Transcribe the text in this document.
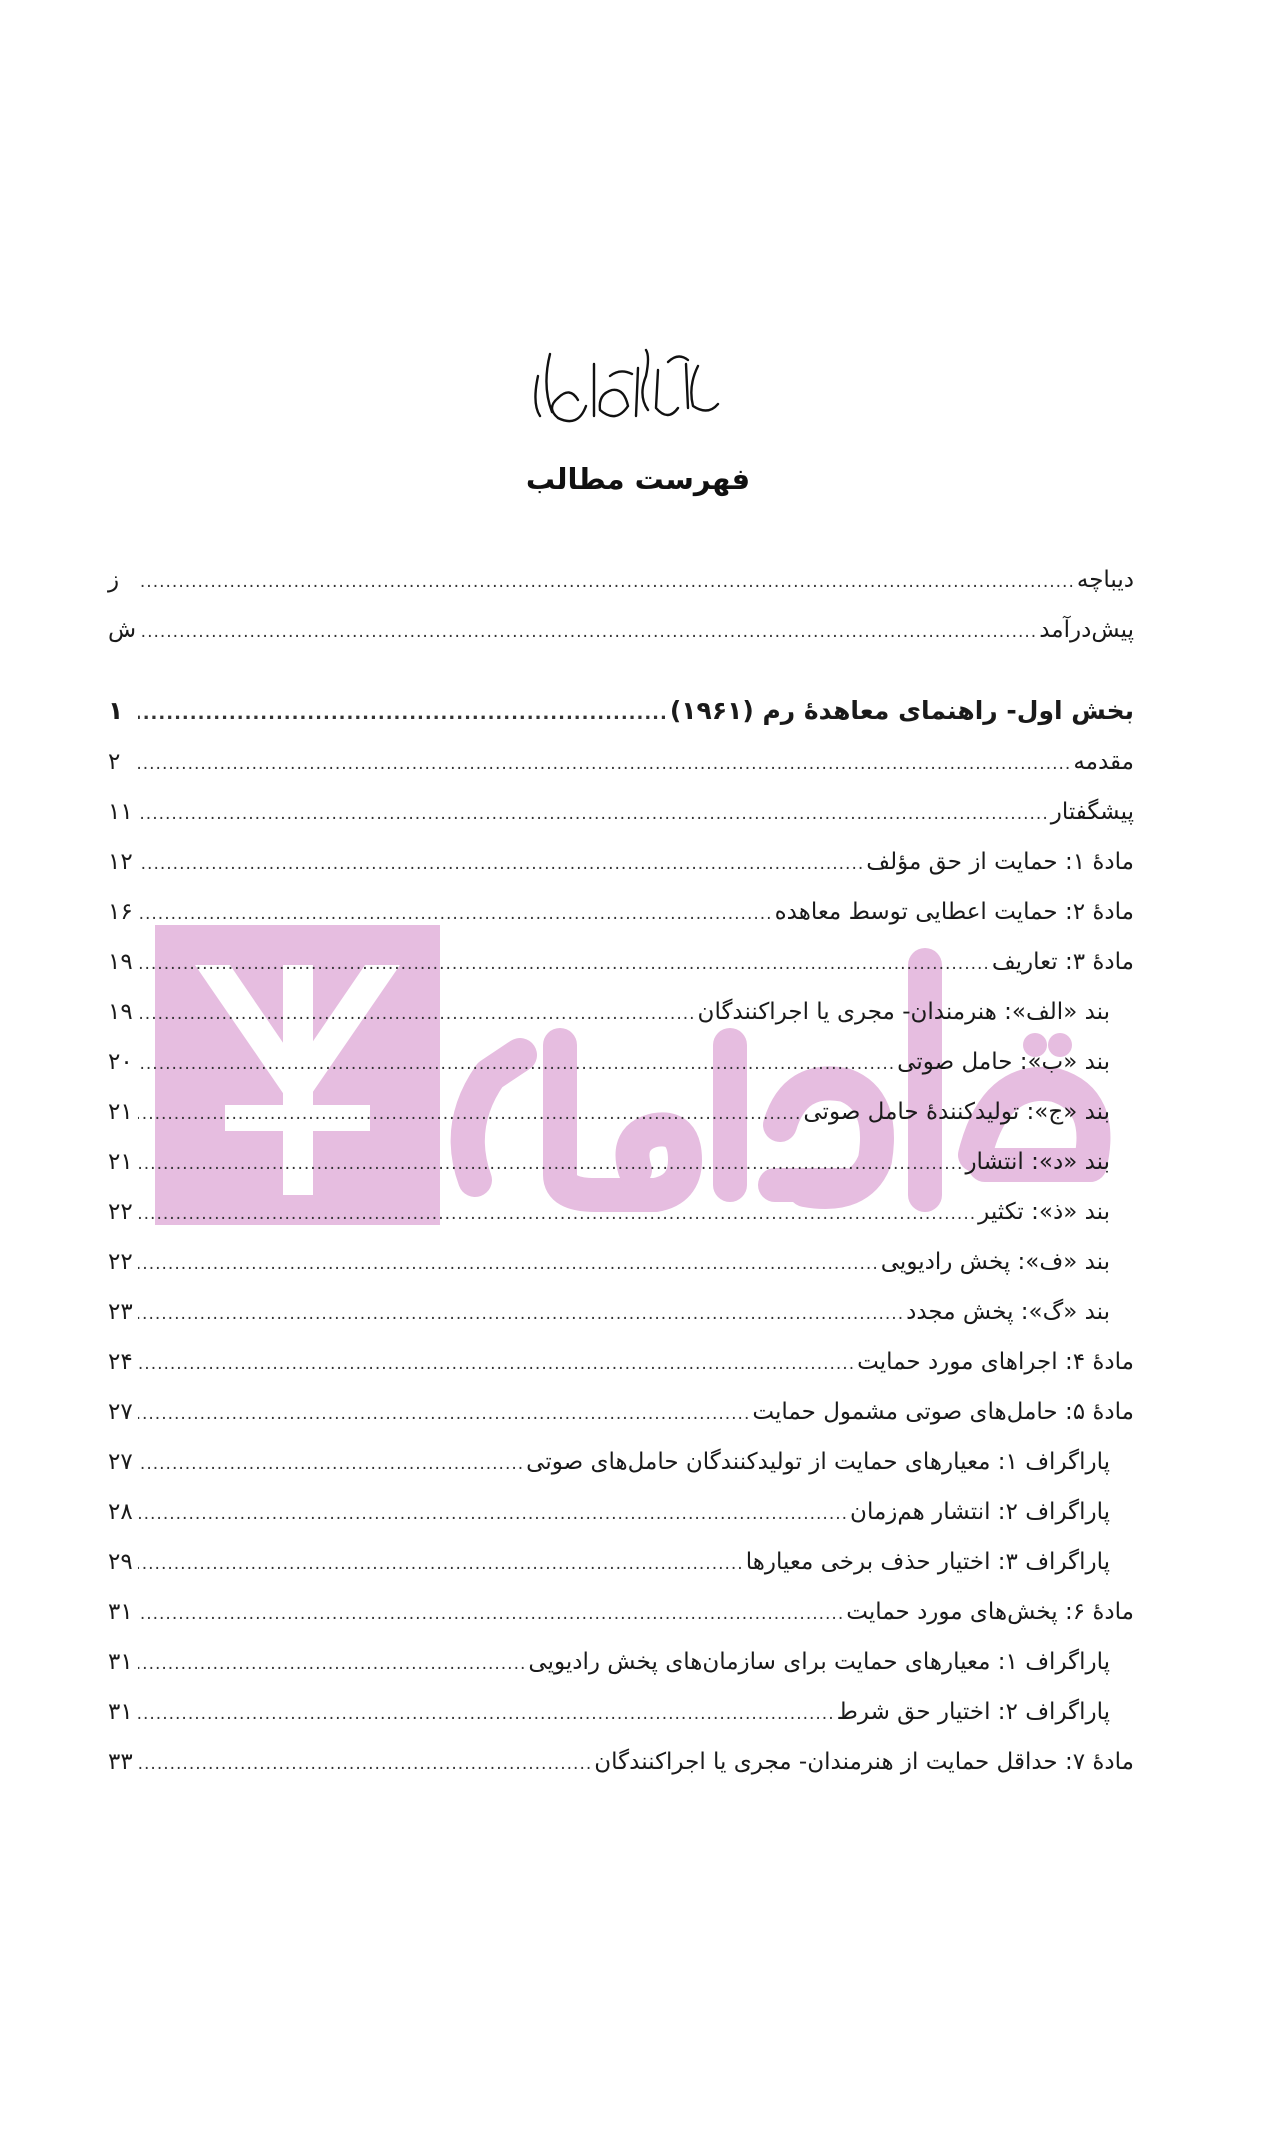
فهرست مطالب
دیباچه
.....
ز
پیش‌درآمد
.....
ش
بخش اول- راهنمای معاهدۀ رم (۱۹۶۱)
.....
۱
مقدمه
.....
۲
پیشگفتار
.....
۱۱
مادۀ ۱: حمایت از حق مؤلف
.....
۱۲
مادۀ ۲: حمایت اعطایی توسط معاهده
.....
۱۶
مادۀ ۳: تعاریف
.....
۱۹
بند «الف»: هنرمندان- مجری یا اجراکنندگان
.....
۱۹
بند «ب»: حامل صوتی
.....
۲۰
بند «ج»: تولیدکنندۀ حامل صوتی
.....
۲۱
بند «د»: انتشار
.....
۲۱
بند «ذ»: تکثیر
.....
۲۲
بند «ف»: پخش رادیویی
.....
۲۲
بند «گ»: پخش مجدد
.....
۲۳
مادۀ ۴: اجراهای مورد حمایت
.....
۲۴
مادۀ ۵: حامل‌های صوتی مشمول حمایت
.....
۲۷
پاراگراف ۱: معیارهای حمایت از تولیدکنندگان حامل‌های صوتی
.....
۲۷
پاراگراف ۲: انتشار هم‌زمان
.....
۲۸
پاراگراف ۳: اختیار حذف برخی معیارها
.....
۲۹
مادۀ ۶: پخش‌های مورد حمایت
.....
۳۱
پاراگراف ۱: معیارهای حمایت برای سازمان‌های پخش رادیویی
.....
۳۱
پاراگراف ۲: اختیار حق شرط
.....
۳۱
مادۀ ۷: حداقل حمایت از هنرمندان- مجری یا اجراکنندگان
.....
۳۳
